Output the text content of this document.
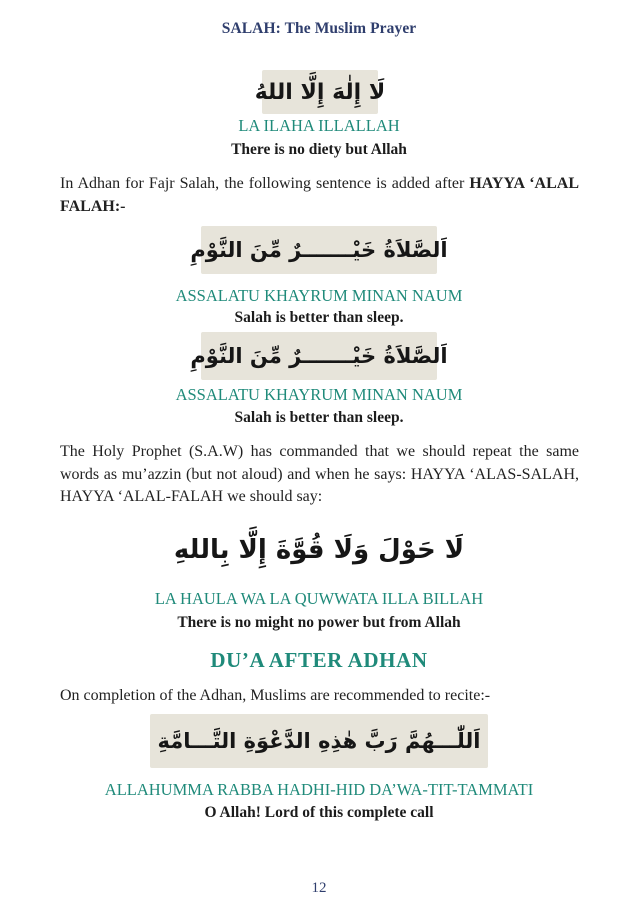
SALAH: The Muslim Prayer
لَا إِلٰهَ إِلَّا اللهُ
LA ILAHA ILLALLAH
There is no diety but Allah
In Adhan for Fajr Salah, the following sentence is added after HAYYA ‘ALAL FALAH:-
اَلصَّلاَةُ خَيْـــــــرٌ مِّنَ النَّوْمِ
ASSALATU KHAYRUM MINAN NAUM
Salah is better than sleep.
اَلصَّلاَةُ خَيْـــــــرٌ مِّنَ النَّوْمِ
ASSALATU KHAYRUM MINAN NAUM
Salah is better than sleep.
The Holy Prophet (S.A.W) has commanded that we should repeat the same words as mu’azzin (but not aloud) and when he says: HAYYA ‘ALAS-SALAH, HAYYA ‘ALAL-FALAH we should say:
لَا حَوْلَ وَلَا قُوَّةَ إِلَّا بِاللهِ
LA HAULA WA LA QUWWATA ILLA BILLAH
There is no might no power but from Allah
DU’A AFTER ADHAN
On completion of the Adhan, Muslims are recommended to recite:-
اَللّٰـــهُمَّ رَبَّ هٰذِهِ الدَّعْوَةِ التَّـــامَّةِ
ALLAHUMMA RABBA HADHI-HID DA’WA-TIT-TAMMATI
O Allah! Lord of this complete call
12
